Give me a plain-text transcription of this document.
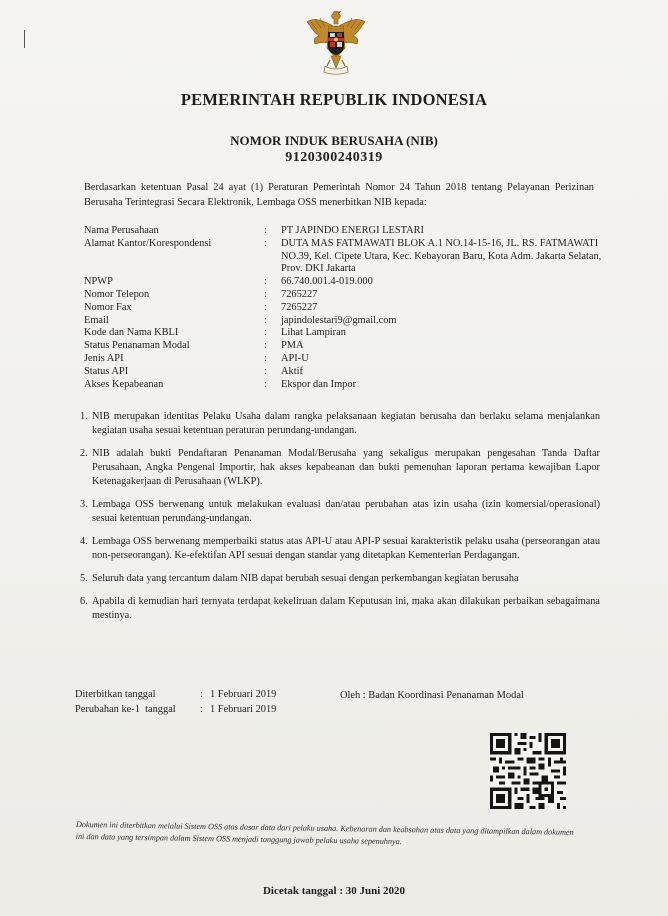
PEMERINTAH REPUBLIK INDONESIA
NOMOR INDUK BERUSAHA (NIB)
9120300240319
Berdasarkan ketentuan Pasal 24 ayat (1) Peraturan Pemerintah Nomor 24 Tahun 2018 tentang Pelayanan Perizinan Berusaha Terintegrasi Secara Elektronik, Lembaga OSS menerbitkan NIB kepada:
Nama Perusahaan	:	PT JAPINDO ENERGI LESTARI
Alamat Kantor/Korespondensi	:	DUTA MAS FATMAWATI BLOK A.1 NO.14-15-16, JL. RS. FATMAWATI NO.39, Kel. Cipete Utara, Kec. Kebayoran Baru, Kota Adm. Jakarta Selatan, Prov. DKI Jakarta
NPWP	:	66.740.001.4-019.000
Nomor Telepon	:	7265227
Nomor Fax	:	7265227
Email	:	japindolestari9@gmail.com
Kode dan Nama KBLI	:	Lihat Lampiran
Status Penanaman Modal	:	PMA
Jenis API	:	API-U
Status API	:	Aktif
Akses Kepabeanan	:	Ekspor dan Impor
1. NIB merupakan identitas Pelaku Usaha dalam rangka pelaksanaan kegiatan berusaha dan berlaku selama menjalankan kegiatan usaha sesuai ketentuan peraturan perundang-undangan.
2. NIB adalah bukti Pendaftaran Penanaman Modal/Berusaha yang sekaligus merupakan pengesahan Tanda Daftar Perusahaan, Angka Pengenal Importir, hak akses kepabeanan dan bukti pemenuhan laporan pertama kewajiban Lapor Ketenagakerjaan di Perusahaan (WLKP).
3. Lembaga OSS berwenang untuk melakukan evaluasi dan/atau perubahan atas izin usaha (izin komersial/operasional) sesuai ketentuan perundang-undangan.
4. Lembaga OSS berwenang memperbaiki status atas API-U atau API-P sesuai karakteristik pelaku usaha (perseorangan atau non-perseorangan). Ke-efektifan API sesuai dengan standar yang ditetapkan Kementerian Perdagangan.
5. Seluruh data yang tercantum dalam NIB dapat berubah sesuai dengan perkembangan kegiatan berusaha
6. Apabila di kemudian hari ternyata terdapat kekeliruan dalam Keputusan ini, maka akan dilakukan perbaikan sebagaimana mestinya.
Diterbitkan tanggal	: 1 Februari 2019
Perubahan ke-1  tanggal	: 1 Februari 2019
Oleh : Badan Koordinasi Penanaman Modal
Dokumen ini diterbitkan melalui Sistem OSS atas dasar data dari pelaku usaha. Kebenaran dan keabsahan atas data yang ditampilkan dalam dokumen ini dan data yang tersimpan dalam Sistem OSS menjadi tanggung jawab pelaku usaha sepenuhnya.
Dicetak tanggal : 30 Juni 2020
